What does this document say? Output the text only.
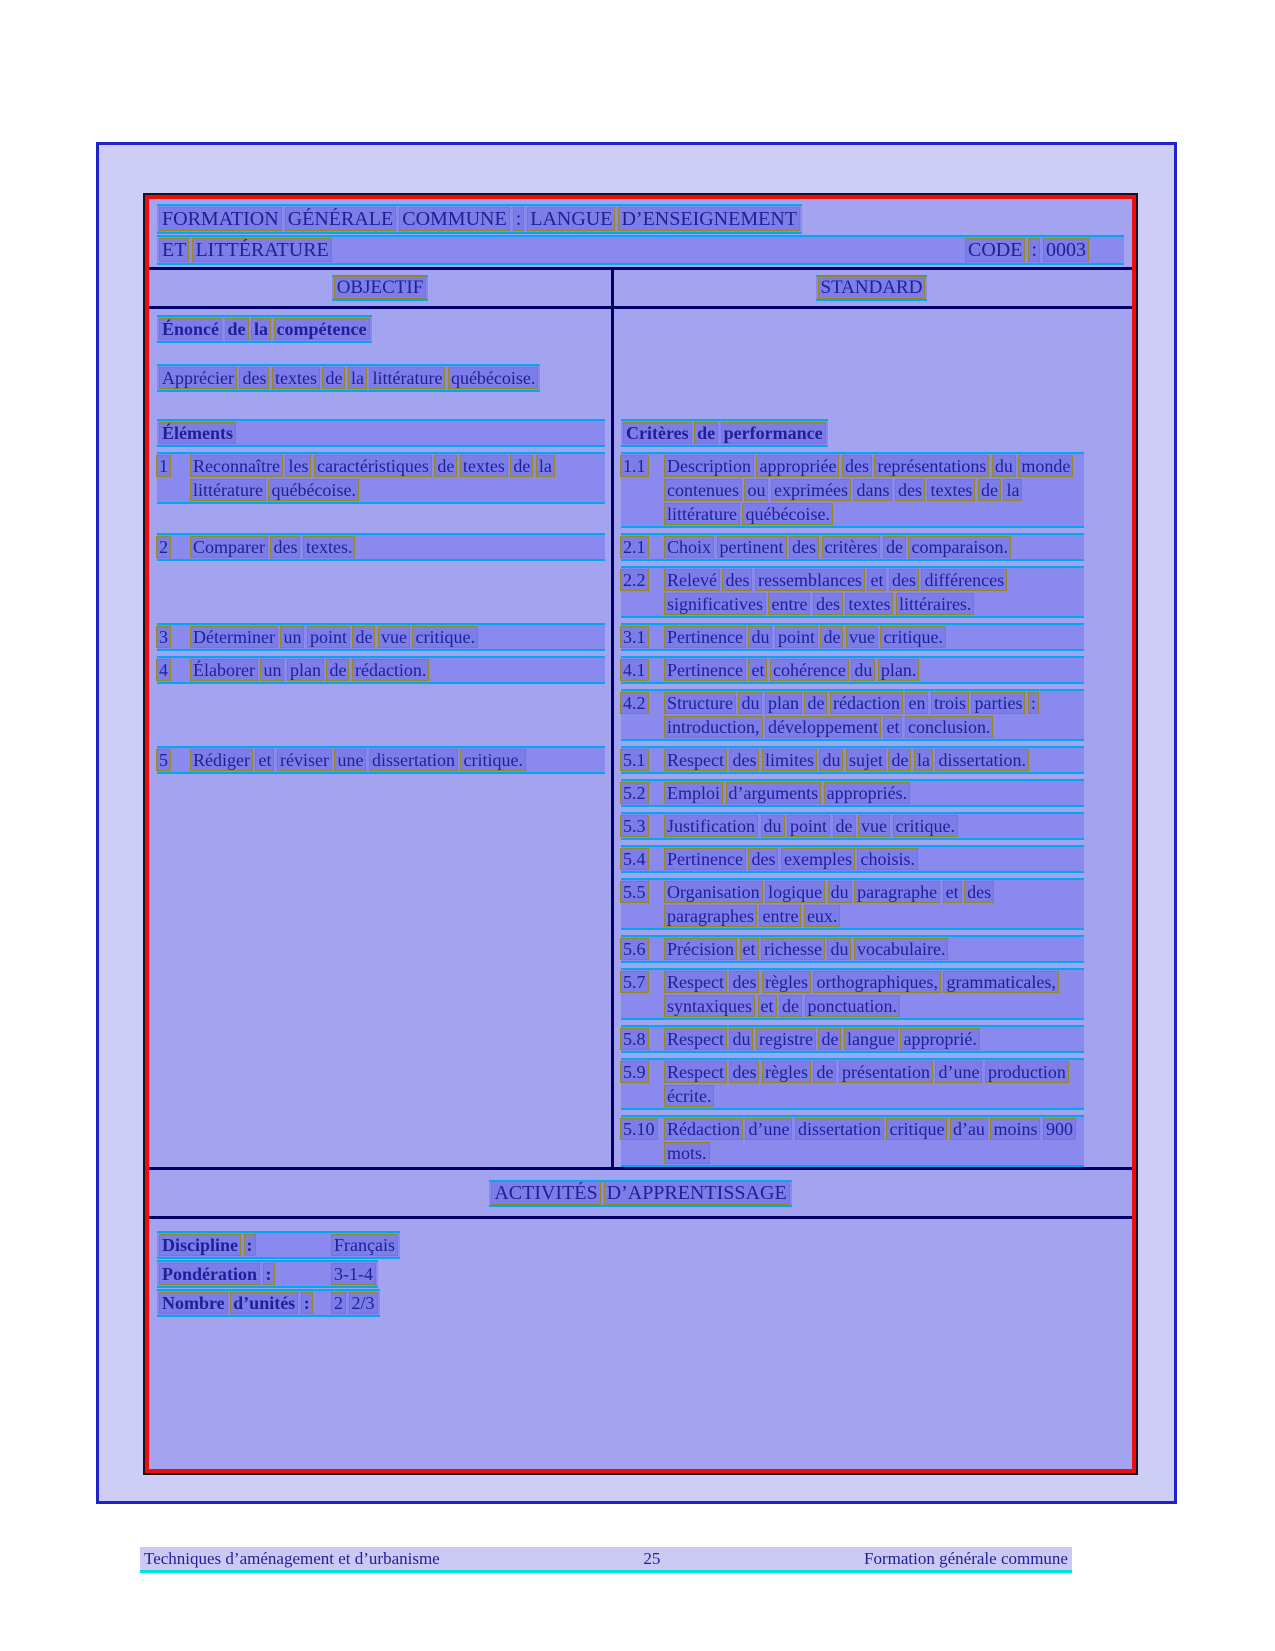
FORMATION GÉNÉRALE COMMUNE : LANGUE D’ENSEIGNEMENT
ET LITTÉRATURE	CODE : 0003
OBJECTIF	STANDARD
Énoncé de la compétence
Apprécier des textes de la littérature québécoise.
Éléments	Critères de performance
1	Reconnaître les caractéristiques de textes de la littérature québécoise.
1.1	Description appropriée des représentations du monde contenues ou exprimées dans des textes de la littérature québécoise.
2	Comparer des textes.	2.1	Choix pertinent des critères de comparaison.
2.2	Relevé des ressemblances et des différences significatives entre des textes littéraires.
3	Déterminer un point de vue critique.	3.1	Pertinence du point de vue critique.
4	Élaborer un plan de rédaction.	4.1	Pertinence et cohérence du plan.
4.2	Structure du plan de rédaction en trois parties : introduction, développement et conclusion.
5	Rédiger et réviser une dissertation critique.	5.1	Respect des limites du sujet de la dissertation.
5.2	Emploi d’arguments appropriés.
5.3	Justification du point de vue critique.
5.4	Pertinence des exemples choisis.
5.5	Organisation logique du paragraphe et des paragraphes entre eux.
5.6	Précision et richesse du vocabulaire.
5.7	Respect des règles orthographiques, grammaticales, syntaxiques et de ponctuation.
5.8	Respect du registre de langue approprié.
5.9	Respect des règles de présentation d’une production écrite.
5.10 Rédaction d’une dissertation critique d’au moins 900 mots.
ACTIVITÉS D’APPRENTISSAGE
Discipline :	Français
Pondération :	3-1-4
Nombre d’unités : 2 2/3
Techniques d’aménagement et d’urbanisme	25	Formation générale commune
